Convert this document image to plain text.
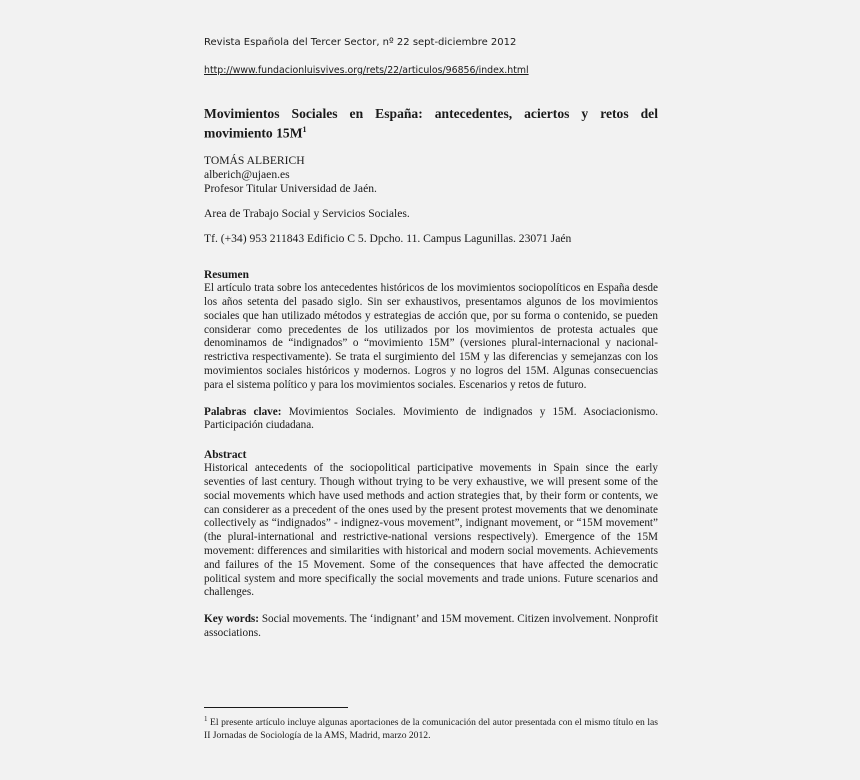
Revista Española del Tercer Sector, nº 22 sept-diciembre 2012
http://www.fundacionluisvives.org/rets/22/articulos/96856/index.html
Movimientos Sociales en España: antecedentes, aciertos y retos del movimiento $15M^1$
TOMÁS ALBERICH
alberich@ujaen.es
Profesor Titular Universidad de Jaén.
Area de Trabajo Social y Servicios Sociales.
Tf. (+34) 953 211843 Edificio C 5. Dpcho. 11. Campus Lagunillas. 23071 Jaén
Resumen
El artículo trata sobre los antecedentes históricos de los movimientos sociopolíticos en España desde los años setenta del pasado siglo. Sin ser exhaustivos, presentamos algunos de los movimientos sociales que han utilizado métodos y estrategias de acción que, por su forma o contenido, se pueden considerar como precedentes de los utilizados por los movimientos de protesta actuales que denominamos de “indignados” o “movimiento 15M” (versiones plural-internacional y nacional-restrictiva respectivamente). Se trata el surgimiento del 15M y las diferencias y semejanzas con los movimientos sociales históricos y modernos. Logros y no logros del 15M. Algunas consecuencias para el sistema político y para los movimientos sociales. Escenarios y retos de futuro.
Palabras clave: Movimientos Sociales. Movimiento de indignados y 15M. Asociacionismo. Participación ciudadana.
Abstract
Historical antecedents of the sociopolitical participative movements in Spain since the early seventies of last century. Though without trying to be very exhaustive, we will present some of the social movements which have used methods and action strategies that, by their form or contents, we can considerer as a precedent of the ones used by the present protest movements that we denominate collectively as “indignados” - indignez-vous movement”, indignant movement, or “15M movement” (the plural-international and restrictive-national versions respectively). Emergence of the 15M movement: differences and similarities with historical and modern social movements. Achievements and failures of the 15 Movement. Some of the consequences that have affected the democratic political system and more specifically the social movements and trade unions. Future scenarios and challenges.
Key words: Social movements. The ‘indignant’ and 15M movement. Citizen involvement. Nonprofit associations.
$^1$ El presente artículo incluye algunas aportaciones de la comunicación del autor presentada con el mismo título en las II Jornadas de Sociología de la AMS, Madrid, marzo 2012.
